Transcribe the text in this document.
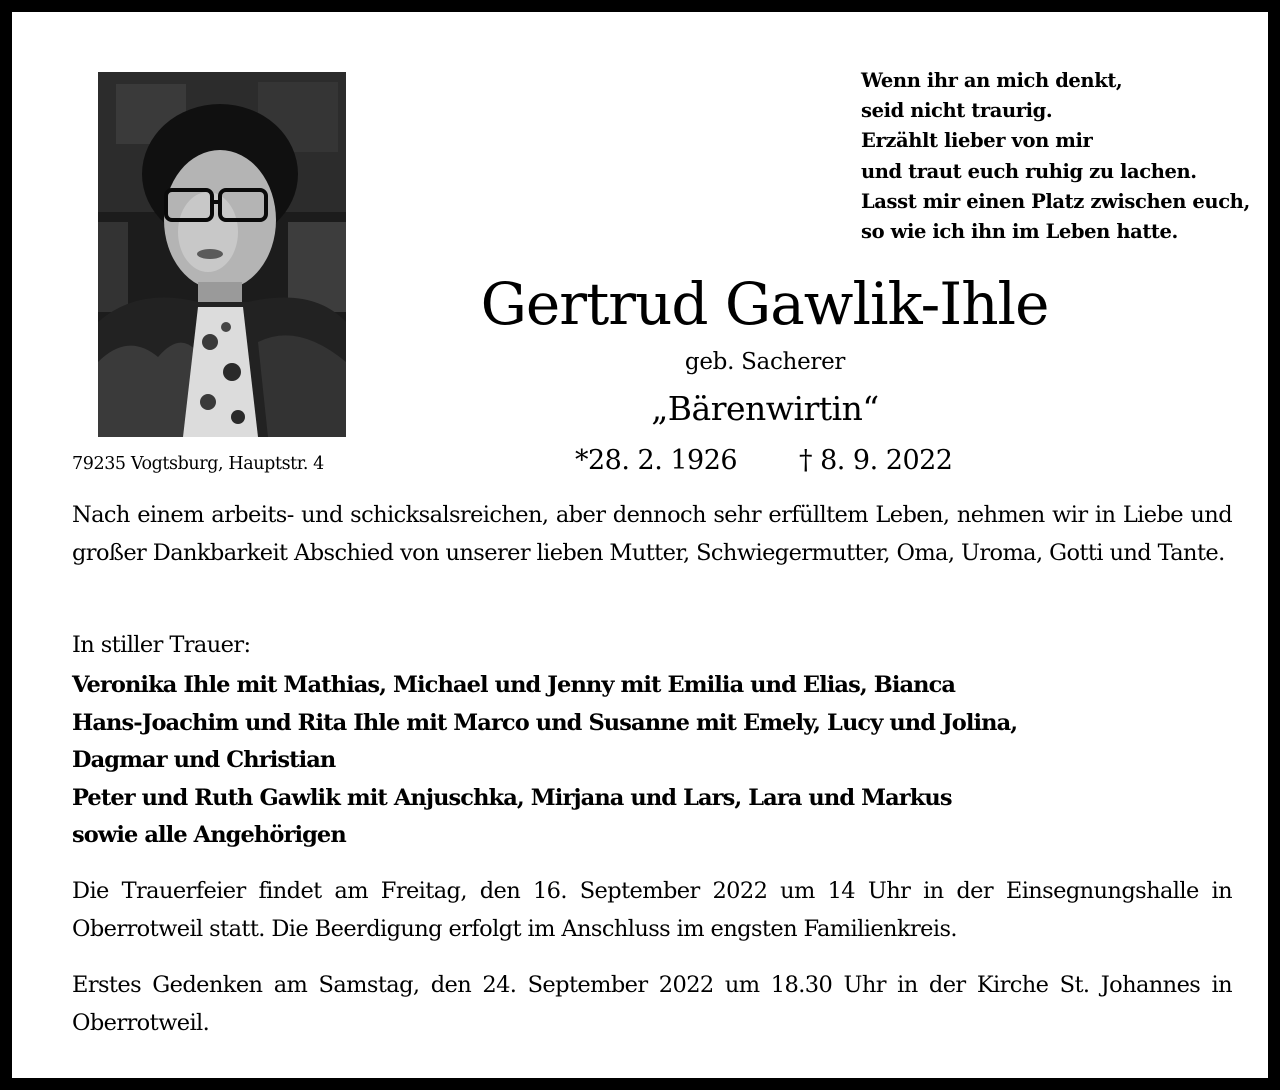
Wenn ihr an mich denkt,
seid nicht traurig.
Erzählt lieber von mir
und traut euch ruhig zu lachen.
Lasst mir einen Platz zwischen euch,
so wie ich ihn im Leben hatte.
Gertrud Gawlik-Ihle
geb. Sacherer
„Bärenwirtin“
79235 Vogtsburg, Hauptstr. 4	*28. 2. 1926 † 8. 9. 2022
Nach einem arbeits- und schicksalsreichen, aber dennoch sehr erfülltem Leben, nehmen wir in Liebe und großer Dankbarkeit Abschied von unserer lieben Mutter, Schwiegermutter, Oma, Uroma, Gotti und Tante.
In stiller Trauer:
Veronika Ihle mit Mathias, Michael und Jenny mit Emilia und Elias, Bianca
Hans-Joachim und Rita Ihle mit Marco und Susanne mit Emely, Lucy und Jolina,
Dagmar und Christian
Peter und Ruth Gawlik mit Anjuschka, Mirjana und Lars, Lara und Markus
sowie alle Angehörigen
Die Trauerfeier findet am Freitag, den 16. September 2022 um 14 Uhr in der Einsegnungshalle in Oberrotweil statt. Die Beerdigung erfolgt im Anschluss im engsten Familienkreis.
Erstes Gedenken am Samstag, den 24. September 2022 um 18.30 Uhr in der Kirche St. Johannes in Oberrotweil.
